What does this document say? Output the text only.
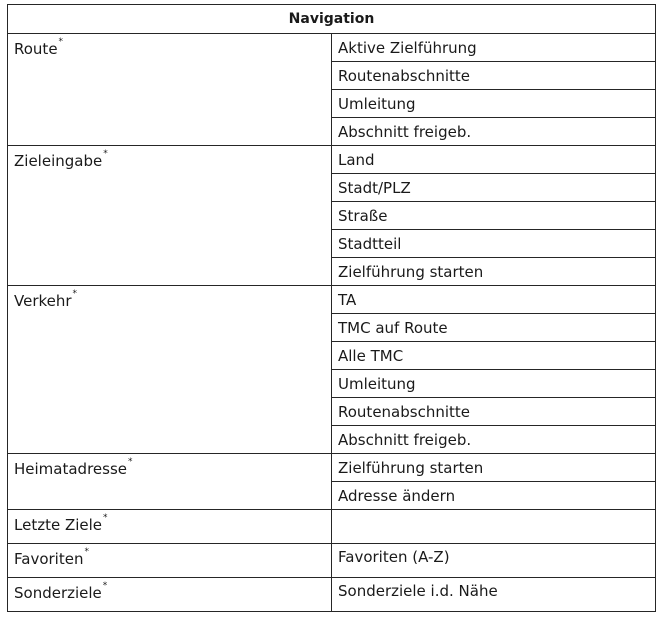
Navigation	
Route*	Aktive Zielführung
	Routenabschnitte
	Umleitung
	Abschnitt freigeb.
Zieleingabe*	Land
	Stadt/PLZ
	Straße
	Stadtteil
	Zielführung starten
Verkehr*	TA
	TMC auf Route
	Alle TMC
	Umleitung
	Routenabschnitte
	Abschnitt freigeb.
Heimatadresse*	Zielführung starten
	Adresse ändern
Letzte Ziele*	
Favoriten*	Favoriten (A-Z)
Sonderziele*	Sonderziele i.d. Nähe
